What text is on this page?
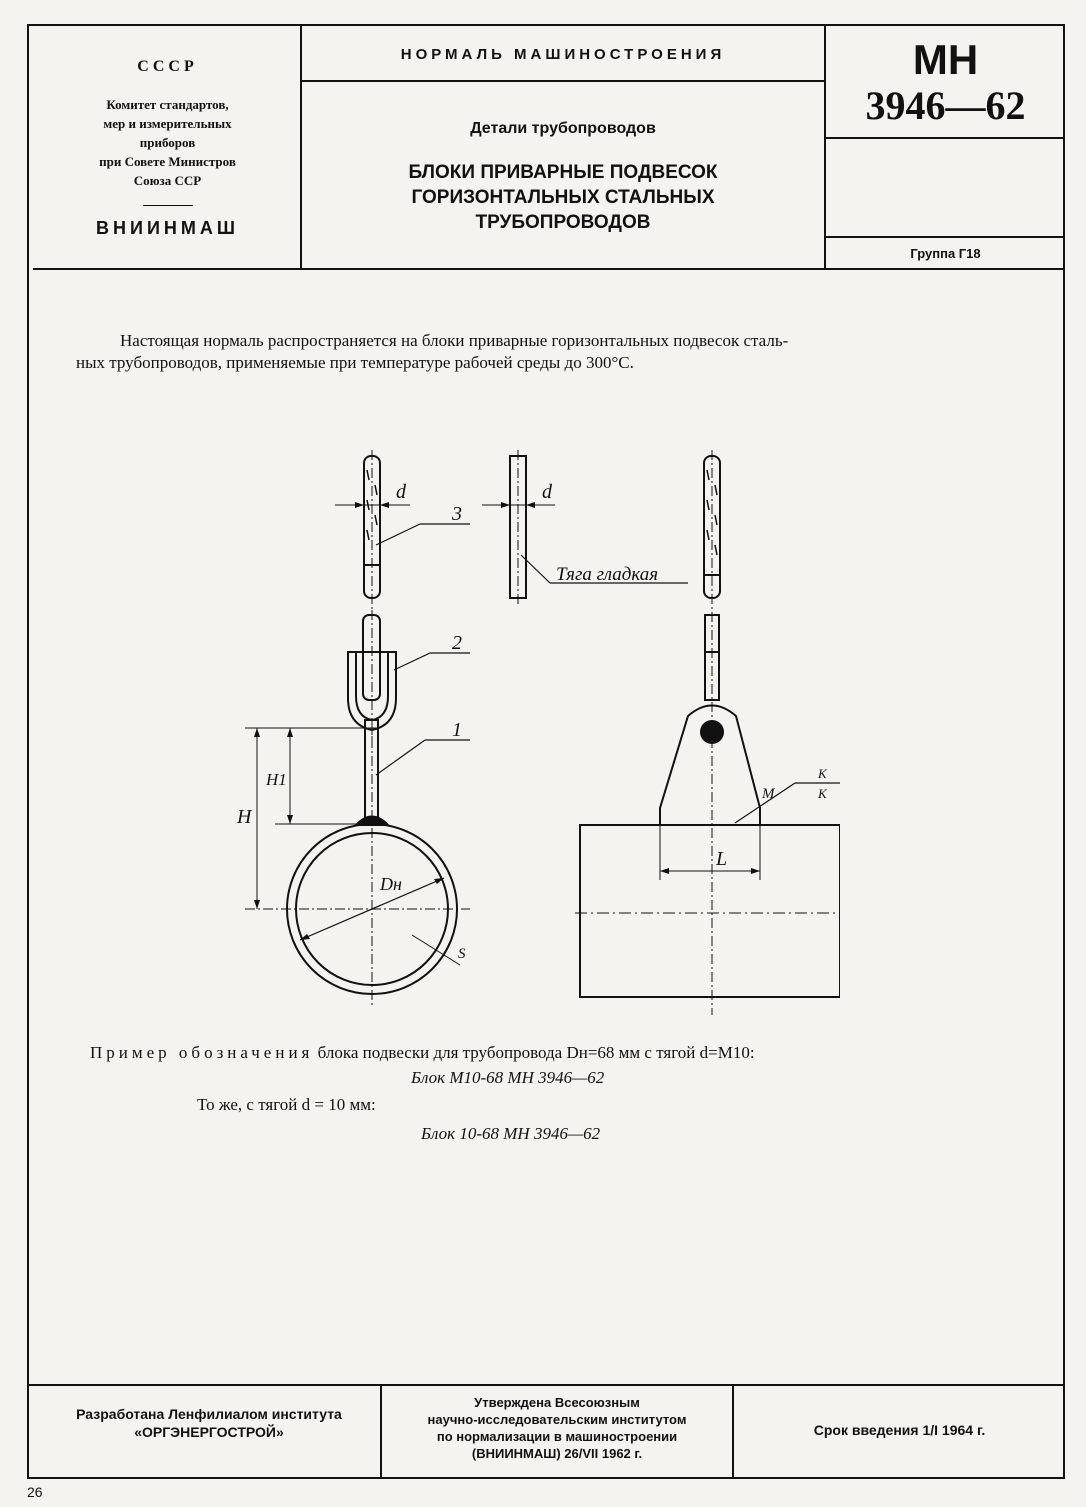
СССР
Комитет стандартов,
мер и измерительных
приборов
при Совете Министров
Союза ССР
ВНИИНМАШ
НОРМАЛЬ МАШИНОСТРОЕНИЯ
Детали трубопроводов
БЛОКИ ПРИВАРНЫЕ ПОДВЕСОК
ГОРИЗОНТАЛЬНЫХ СТАЛЬНЫХ
ТРУБОПРОВОДОВ
МН
3946—62
Группа Г18
Настоящая нормаль распространяется на блоки приварные горизонтальных подвесок сталь-
ных трубопроводов, применяемые при температуре рабочей среды до 300°С.
d
3
2
1
H
H1
Dн
S
d
Тяга гладкая
M
K
K
L
Пример обозначения блока подвески для трубопровода Dн=68 мм с тягой d=М10:
Блок М10-68 МН 3946—62
То же, с тягой d = 10 мм:
Блок 10-68 МН 3946—62
Разработана Ленфилиалом института
«ОРГЭНЕРГОСТРОЙ»
Утверждена Всесоюзным
научно-исследовательским институтом
по нормализации в машиностроении
(ВНИИНМАШ) 26/VII 1962 г.
Срок введения 1/I 1964 г.
26
